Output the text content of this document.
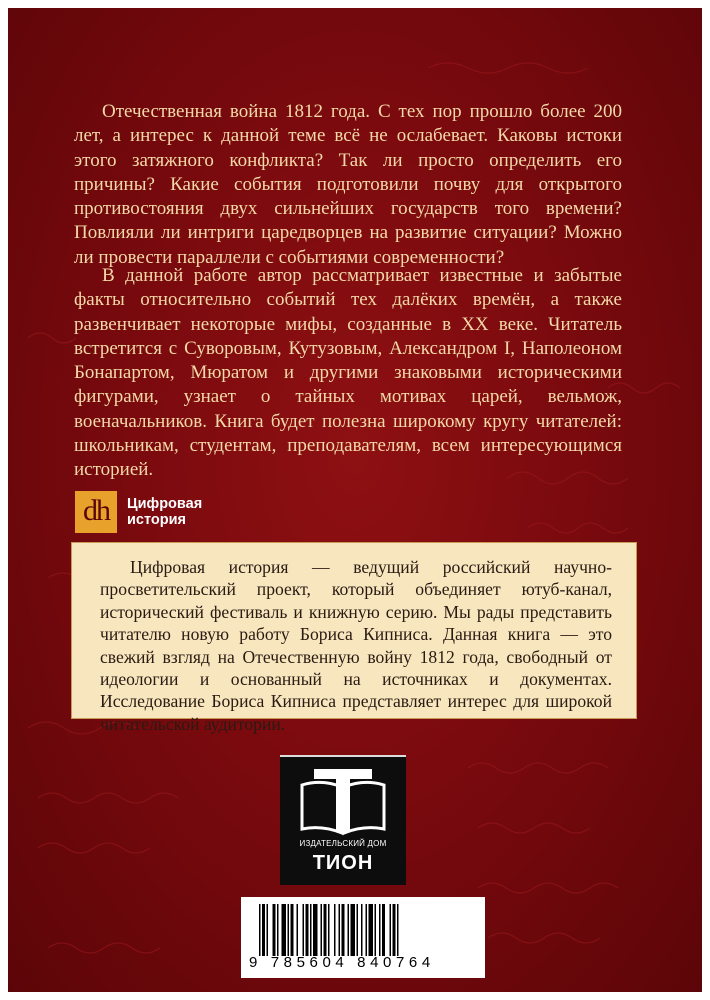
Отечественная война 1812 года. С тех пор прошло более 200 лет, а интерес к данной теме всё не ослабевает. Каковы истоки этого затяжного конфликта? Так ли просто определить его причины? Какие события подготовили почву для открытого противостояния двух сильнейших государств того времени? Повлияли ли интриги царедворцев на развитие ситуации? Можно ли провести параллели с событиями современности?

В данной работе автор рассматривает известные и забытые факты относительно событий тех далёких времён, а также развенчивает некоторые мифы, созданные в XX веке. Читатель встретится с Суворовым, Кутузовым, Александром I, Наполеоном Бонапартом, Мюратом и другими знаковыми историческими фигурами, узнает о тайных мотивах царей, вельмож, военачальников. Книга будет полезна широкому кругу читателей: школьникам, студентам, преподавателям, всем интересующимся историей.

dh	Цифровая история

Цифровая история — ведущий российский научно-просветительский проект, который объединяет ютуб-канал, исторический фестиваль и книжную серию. Мы рады представить читателю новую работу Бориса Кипниса. Данная книга — это свежий взгляд на Отечественную войну 1812 года, свободный от идеологии и основанный на источниках и документах. Исследование Бориса Кипниса представляет интерес для широкой читательской аудитории.

ИЗДАТЕЛЬСКИЙ ДОМ
ТИОН
9 785604 840764
